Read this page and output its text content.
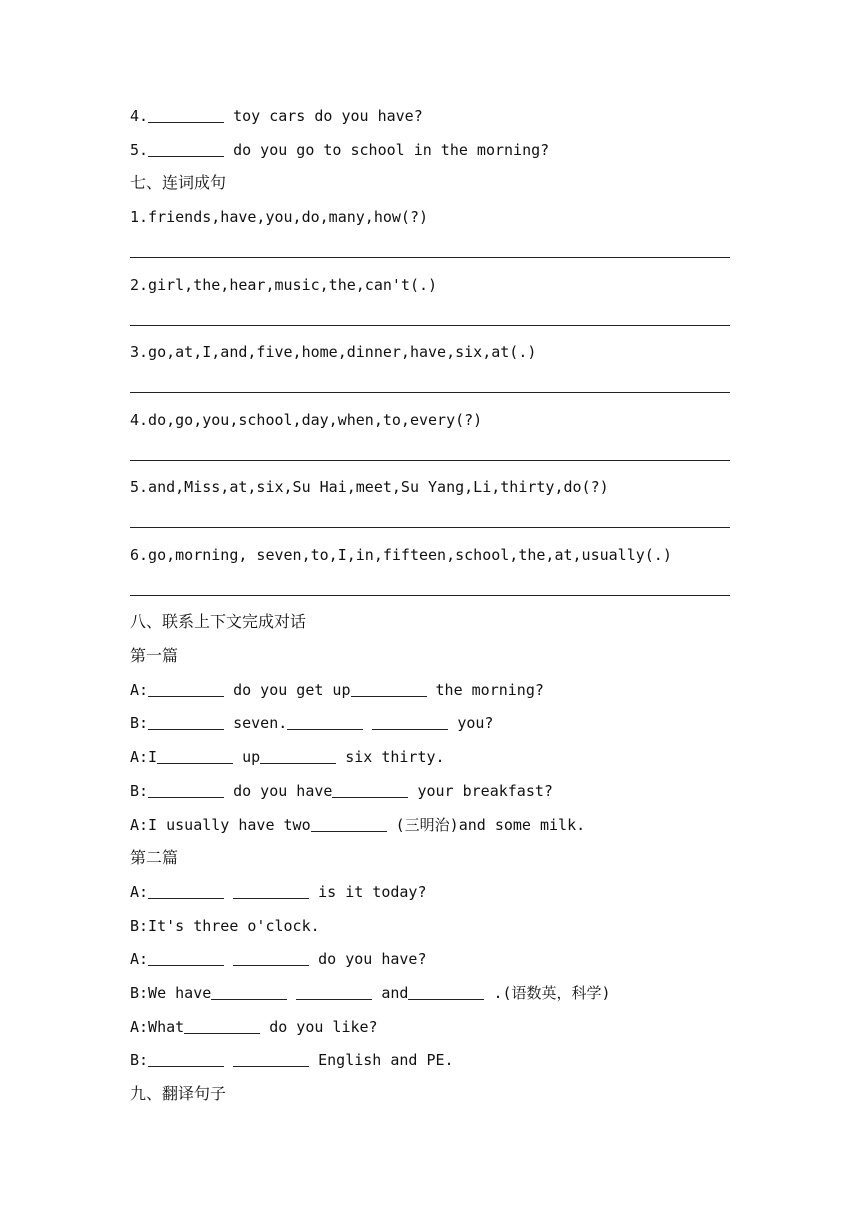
4.	toy cars do you have?
5.	do you go to school in the morning?
七、连词成句
1.friends,have,you,do,many,how(?)
2.girl,the,hear,music,the,can't(.)
3.go,at,I,and,five,home,dinner,have,six,at(.)
4.do,go,you,school,day,when,to,every(?)
5.and,Miss,at,six,Su Hai,meet,Su Yang,Li,thirty,do(?)
6.go,morning, seven,to,I,in,fifteen,school,the,at,usually(.)
八、联系上下文完成对话
第一篇
A:	do you get up	the morning?
B:	seven.	you?
A:I	up	six thirty.
B:	do you have	your breakfast?
A:I usually have two	(三明治)and some milk.
第二篇
A:	is it today?
B:It's three o'clock.
A:	do you have?
B:We have	and	.(语数英，科学)
A:What	do you like?
B:	English and PE.
九、翻译句子
